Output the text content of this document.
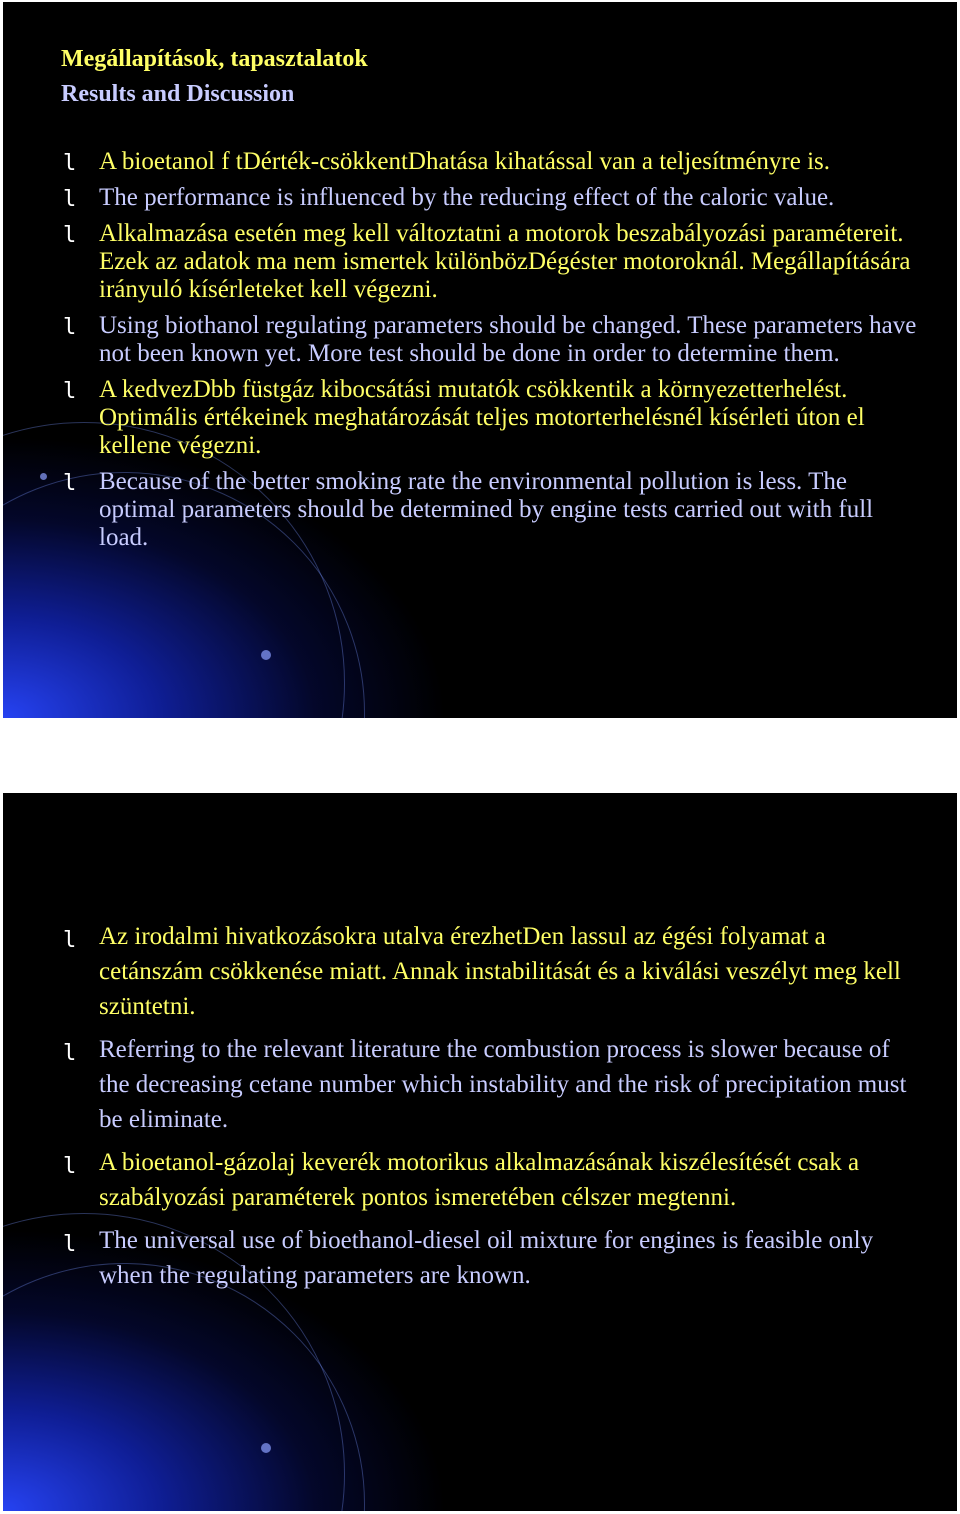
Megállapítások, tapasztalatok
Results and Discussion
l A bioetanol f tDérték-csökkentDhatása kihatással van a teljesítményre is.
l The performance is influenced by the reducing effect of the caloric value.
l Alkalmazása esetén meg kell változtatni a motorok beszabályozási paramétereit. Ezek az adatok ma nem ismertek különbözDégéster motoroknál. Megállapítására irányuló kísérleteket kell végezni.
l Using biothanol regulating parameters should be changed. These parameters have not been known yet. More test should be done in order to determine them.
l A kedvezDbb füstgáz kibocsátási mutatók csökkentik a környezetterhelést. Optimális értékeinek meghatározását teljes motorterhelésnél kísérleti úton el kellene végezni.
l Because of the better smoking rate the environmental pollution is less. The optimal parameters should be determined by engine tests carried out with full load.
l Az irodalmi hivatkozásokra utalva érezhetDen lassul az égési folyamat a cetánszám csökkenése miatt. Annak instabilitását és a kiválási veszélyt meg kell szüntetni.
l Referring to the relevant literature the combustion process is slower because of the decreasing cetane number which instability and the risk of precipitation must be eliminate.
l A bioetanol-gázolaj keverék motorikus alkalmazásának kiszélesítését csak a szabályozási paraméterek pontos ismeretében célszer megtenni.
l The universal use of bioethanol-diesel oil mixture for engines is feasible only when the regulating parameters are known.
